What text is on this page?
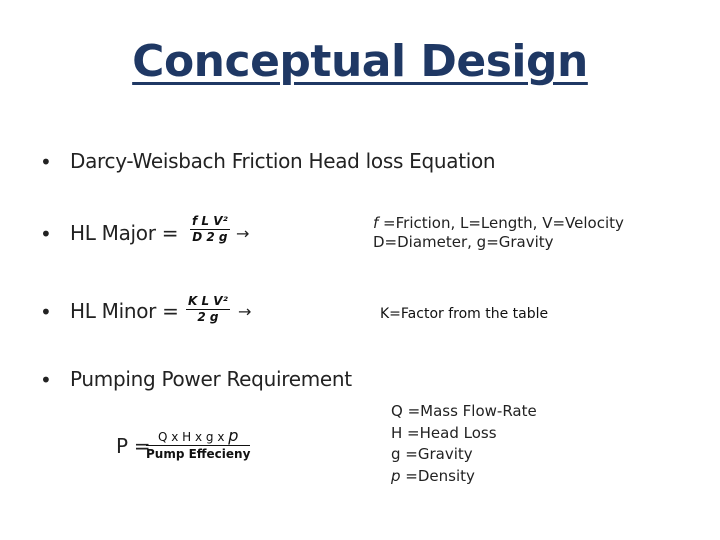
Conceptual Design
• Darcy-Weisbach Friction Head loss Equation
• HL Major = $\frac{\text{f L V²}}{D 2 g}$ →
f =Friction, L=Length, V=Velocity
D=Diameter, g=Gravity
• HL Minor = $\frac{\text{K L V²}}{2 g}$ →	K=Factor from the table
• Pumping Power Requirement
P = Q x H x g x p
Pump Effecieny
Q =Mass Flow-Rate
H =Head Loss
g =Gravity
p =Density
